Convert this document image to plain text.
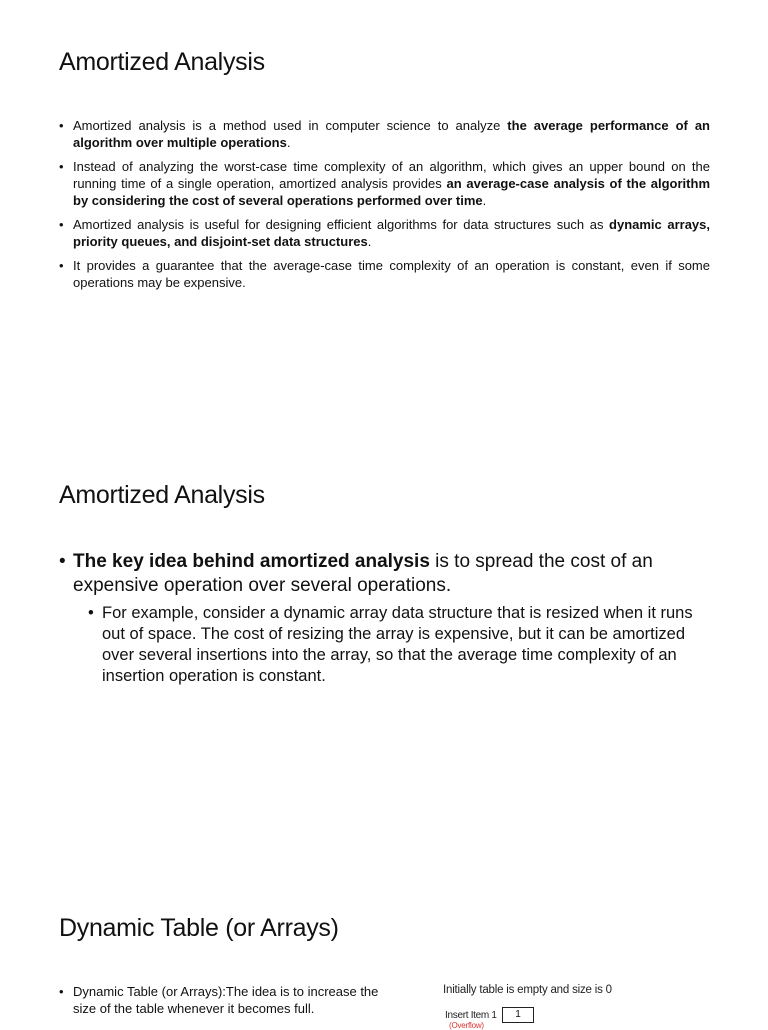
Amortized Analysis
• Amortized analysis is a method used in computer science to analyze the average performance of an algorithm over multiple operations.
• Instead of analyzing the worst-case time complexity of an algorithm, which gives an upper bound on the running time of a single operation, amortized analysis provides an average-case analysis of the algorithm by considering the cost of several operations performed over time.
• Amortized analysis is useful for designing efficient algorithms for data structures such as dynamic arrays, priority queues, and disjoint-set data structures.
• It provides a guarantee that the average-case time complexity of an operation is constant, even if some operations may be expensive.
Amortized Analysis
• The key idea behind amortized analysis is to spread the cost of an expensive operation over several operations.
• For example, consider a dynamic array data structure that is resized when it runs out of space. The cost of resizing the array is expensive, but it can be amortized over several insertions into the array, so that the average time complexity of an insertion operation is constant.
Dynamic Table (or Arrays)
• Dynamic Table (or Arrays):The idea is to increase the size of the table whenever it becomes full.
Initially table is empty and size is 0
Insert Item 1
(Overflow)
1
